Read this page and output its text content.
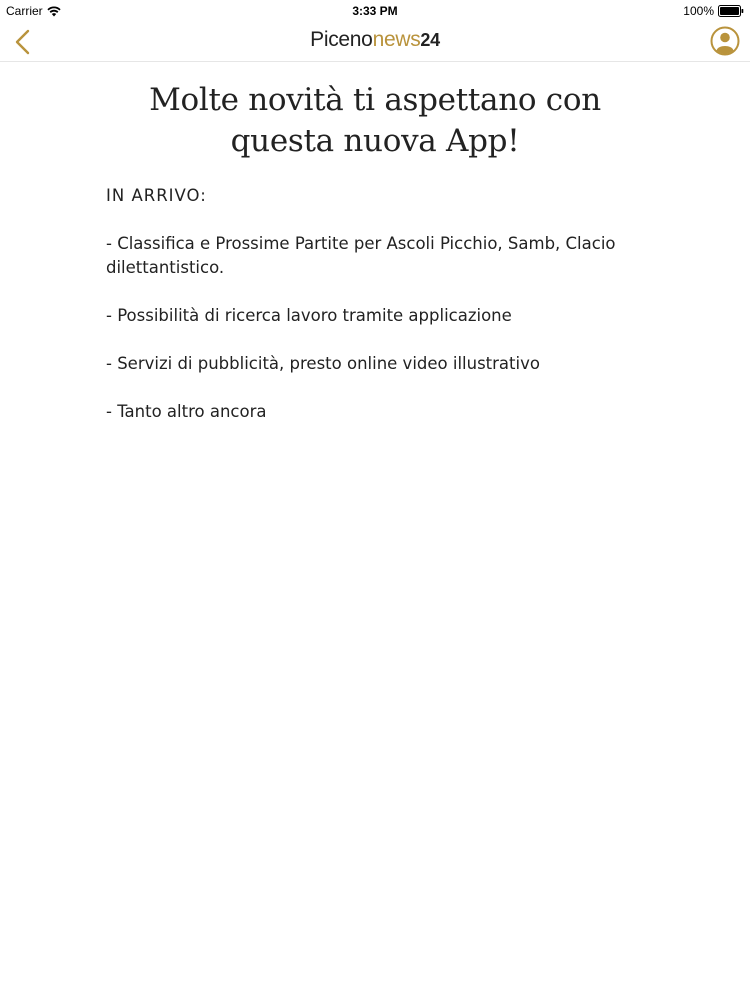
Carrier	3:33 PM	100%
Picenonews24
Molte novità ti aspettano con
questa nuova App!
IN ARRIVO:
- Classifica e Prossime Partite per Ascoli Picchio, Samb, Clacio dilettantistico.
- Possibilità di ricerca lavoro tramite applicazione
- Servizi di pubblicità, presto online video illustrativo
- Tanto altro ancora
